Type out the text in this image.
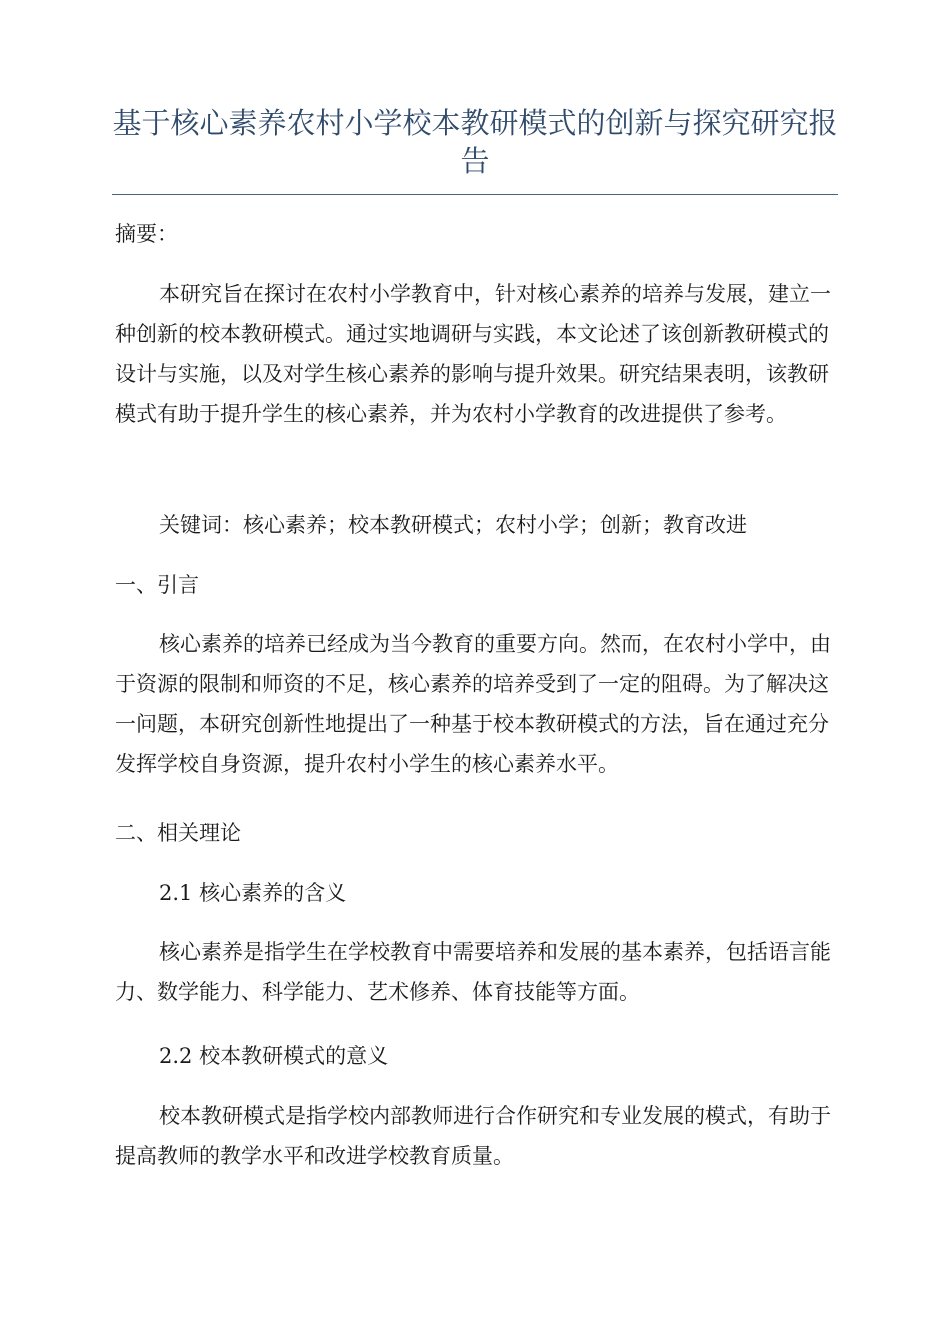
基于核心素养农村小学校本教研模式的创新与探究研究报告

摘要：

本研究旨在探讨在农村小学教育中，针对核心素养的培养与发展，建立一种创新的校本教研模式。通过实地调研与实践，本文论述了该创新教研模式的设计与实施，以及对学生核心素养的影响与提升效果。研究结果表明，该教研模式有助于提升学生的核心素养，并为农村小学教育的改进提供了参考。

关键词：核心素养；校本教研模式；农村小学；创新；教育改进

一、引言

核心素养的培养已经成为当今教育的重要方向。然而，在农村小学中，由于资源的限制和师资的不足，核心素养的培养受到了一定的阻碍。为了解决这一问题，本研究创新性地提出了一种基于校本教研模式的方法，旨在通过充分发挥学校自身资源，提升农村小学生的核心素养水平。

二、相关理论

2.1 核心素养的含义

核心素养是指学生在学校教育中需要培养和发展的基本素养，包括语言能力、数学能力、科学能力、艺术修养、体育技能等方面。

2.2 校本教研模式的意义

校本教研模式是指学校内部教师进行合作研究和专业发展的模式，有助于提高教师的教学水平和改进学校教育质量。
